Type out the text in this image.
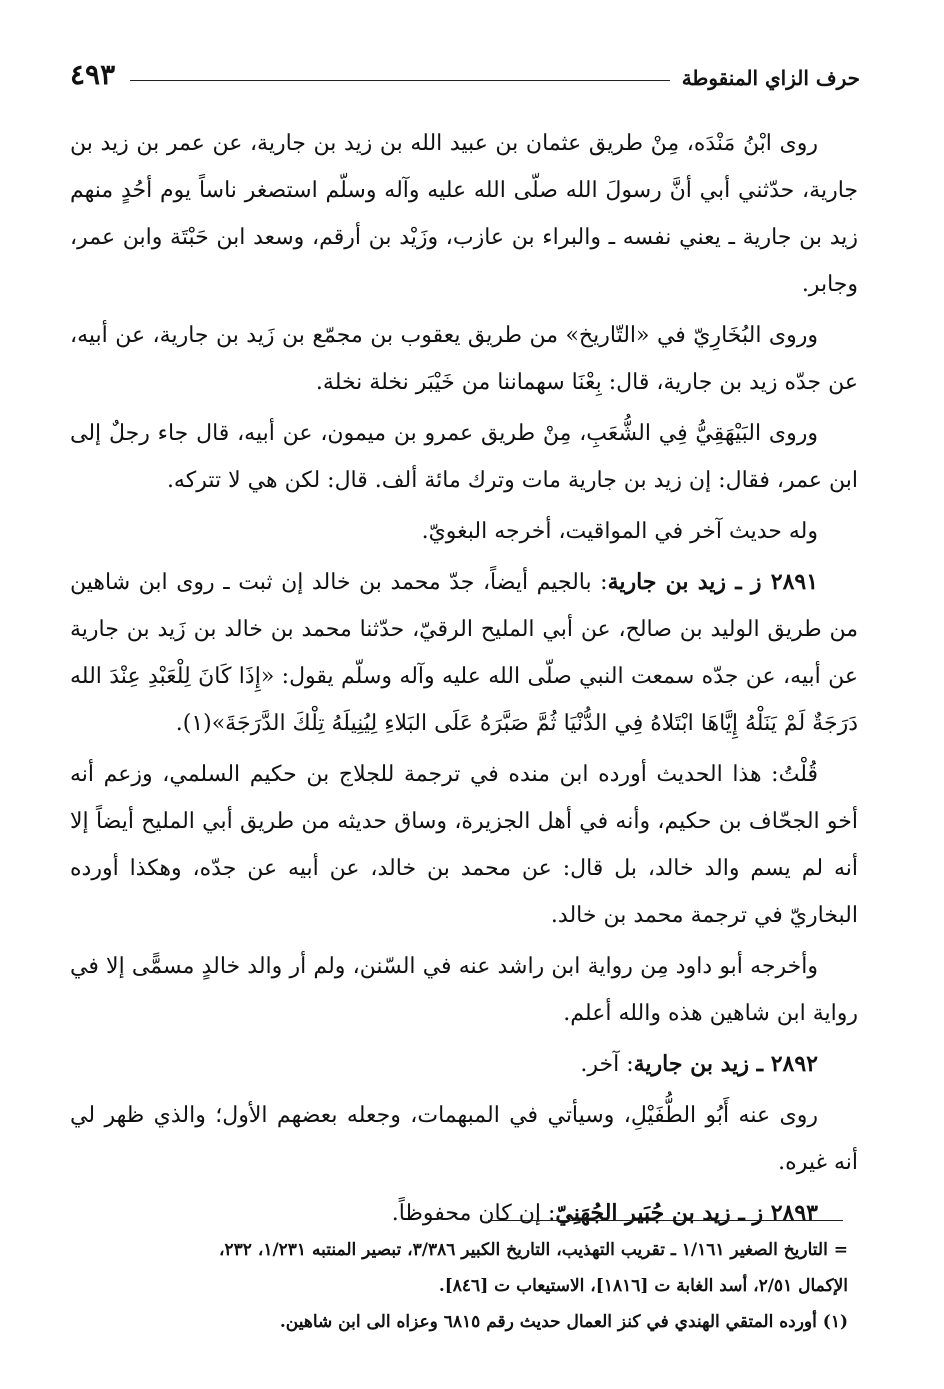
٤٩٣	حرف الزاي المنقوطة

روى ابْنُ مَنْدَه، مِنْ طريق عثمان بن عبيد الله بن زيد بن جارية، عن عمر بن زيد بن جارية، حدّثني أبي أنَّ رسولَ الله صلّى الله عليه وآله وسلّم استصغر ناساً يوم أحُدٍ منهم زيد بن جارية ـ يعني نفسه ـ والبراء بن عازب، وزَيْد بن أرقم، وسعد ابن حَبْتَة وابن عمر، وجابر.

وروى البُخَارِيّ في «التّاريخ» من طريق يعقوب بن مجمّع بن زَيد بن جارية، عن أبيه، عن جدّه زيد بن جارية، قال: بِعْنَا سهماننا من خَيْبَر نخلة نخلة.

وروى البَيْهَقِيُّ فِي الشُّعَبِ، مِنْ طريق عمرو بن ميمون، عن أبيه، قال جاء رجلٌ إلى ابن عمر، فقال: إن زيد بن جارية مات وترك مائة ألف. قال: لكن هي لا تتركه.

وله حديث آخر في المواقيت، أخرجه البغويّ.

٢٨٩١ ز ـ زيد بن جارية: بالجيم أيضاً، جدّ محمد بن خالد إن ثبت ـ روى ابن شاهين من طريق الوليد بن صالح، عن أبي المليح الرقيّ، حدّثنا محمد بن خالد بن زَيد بن جارية عن أبيه، عن جدّه سمعت النبي صلّى الله عليه وآله وسلّم يقول: «إِذَا كَانَ لِلْعَبْدِ عِنْدَ الله دَرَجَةٌ لَمْ يَنَلْهُ إِيَّاهَا ابْتَلاهُ فِي الدُّنْيَا ثُمَّ صَبَّرَهُ عَلَى البَلاءِ لِيُنِيلَهُ تِلْكَ الدَّرَجَةَ»(١).

قُلْتُ: هذا الحديث أورده ابن منده في ترجمة للجلاج بن حكيم السلمي، وزعم أنه أخو الجحّاف بن حكيم، وأنه في أهل الجزيرة، وساق حديثه من طريق أبي المليح أيضاً إلا أنه لم يسم والد خالد، بل قال: عن محمد بن خالد، عن أبيه عن جدّه، وهكذا أورده البخاريّ في ترجمة محمد بن خالد.

وأخرجه أبو داود مِن رواية ابن راشد عنه في السّنن، ولم أر والد خالدٍ مسمًّى إلا في رواية ابن شاهين هذه والله أعلم.

٢٨٩٢ ـ زيد بن جارية: آخر.

روى عنه أَبُو الطُّفَيْلِ، وسيأتي في المبهمات، وجعله بعضهم الأول؛ والذي ظهر لي أنه غيره.

٢٨٩٣ ز ـ زيد بن جُبَير الجُهَنِيّ: إن كان محفوظاً.

= التاريخ الصغير ١/١٦١ ـ تقريب التهذيب، التاريخ الكبير ٣/٣٨٦، تبصير المنتبه ١/٢٣١، ٢٣٢،

الإكمال ٢/٥١، أسد الغابة ت [١٨١٦]، الاستيعاب ت [٨٤٦].

(١) أورده المتقي الهندي في كنز العمال حديث رقم ٦٨١٥ وعزاه الى ابن شاهين.
